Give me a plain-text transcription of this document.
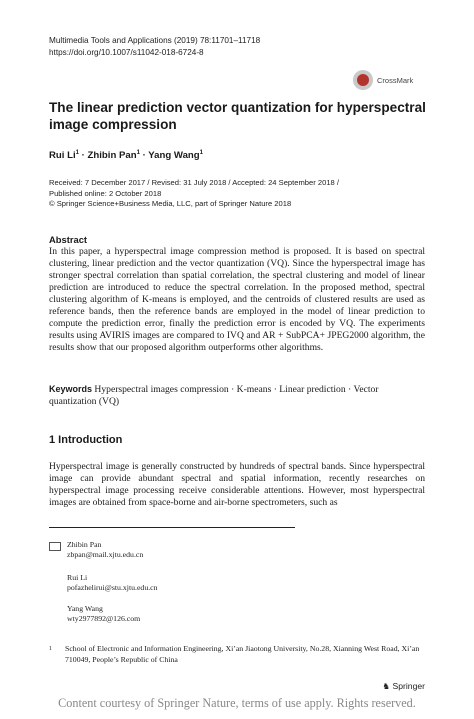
Multimedia Tools and Applications (2019) 78:11701–11718
https://doi.org/10.1007/s11042-018-6724-8
CrossMark
The linear prediction vector quantization for hyperspectral
image compression
Rui $Li^1$ · Zhibin Pan$^1$ · Yang Wang$^1$
Received: 7 December 2017 / Revised: 31 July 2018 / Accepted: 24 September 2018 /
Published online: 2 October 2018
© Springer Science+Business Media, LLC, part of Springer Nature 2018
Abstract
In this paper, a hyperspectral image compression method is proposed. It is based on spectral clustering, linear prediction and the vector quantization (VQ). Since the hyperspectral image has stronger spectral correlation than spatial correlation, the spectral clustering and model of linear prediction are introduced to reduce the spectral correlation. In the proposed method, spectral clustering algorithm of K-means is employed, and the centroids of clustered results are used as reference bands, then the reference bands are employed in the model of linear prediction to compute the prediction error, finally the prediction error is encoded by VQ. The experiments results using AVIRIS images are compared to IVQ and AR + SubPCA+ JPEG2000 algorithm, the results show that our proposed algorithm outperforms other algorithms.
Keywords Hyperspectral images compression · K-means · Linear prediction · Vector quantization (VQ)
1 Introduction
Hyperspectral image is generally constructed by hundreds of spectral bands. Since hyperspectral image can provide abundant spectral and spatial information, recently researches on hyperspectral image processing receive considerable attentions. However, most hyperspectral images are obtained from space-borne and air-borne spectrometers, such as
Zhibin Pan
zbpan@mail.xjtu.edu.cn
Rui Li
pofazhelirui@stu.xjtu.edu.cn
Yang Wang
wty2977892@126.com
1 School of Electronic and Information Engineering, Xi’an Jiaotong University, No.28, Xianning West Road, Xi’an 710049, People’s Republic of China
♞ Springer
Content courtesy of Springer Nature, terms of use apply. Rights reserved.
